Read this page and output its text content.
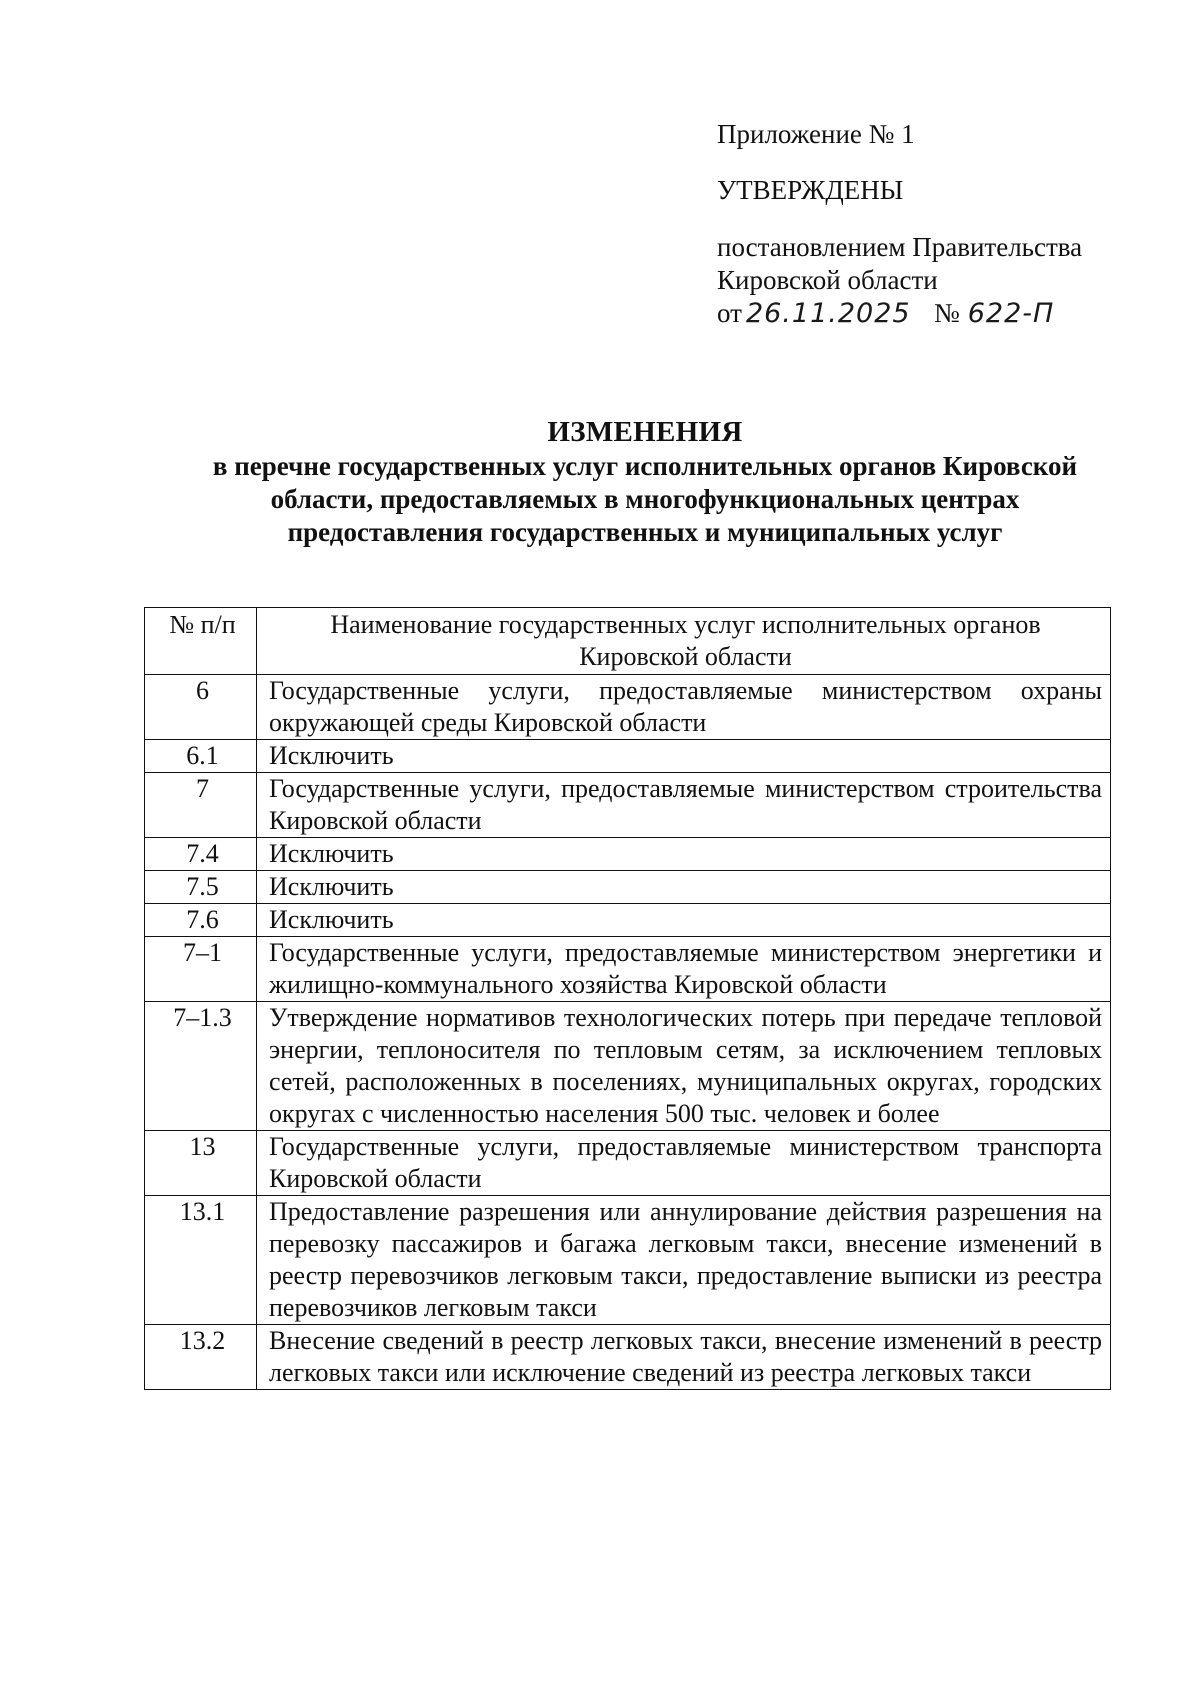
Приложение № 1
УТВЕРЖДЕНЫ
постановлением Правительства
Кировской области
от 26.11.2025 № 622-П
ИЗМЕНЕНИЯ
в перечне государственных услуг исполнительных органов Кировской
области, предоставляемых в многофункциональных центрах
предоставления государственных и муниципальных услуг
№ п/п	Наименование государственных услуг исполнительных органов Кировской области
6	Государственные услуги, предоставляемые министерством охраны окружающей среды Кировской области
6.1	Исключить
7	Государственные услуги, предоставляемые министерством строительства Кировской области
7.4	Исключить
7.5	Исключить
7.6	Исключить
7–1	Государственные услуги, предоставляемые министерством энергетики и жилищно-коммунального хозяйства Кировской области
7–1.3	Утверждение нормативов технологических потерь при передаче тепловой энергии, теплоносителя по тепловым сетям, за исключением тепловых сетей, расположенных в поселениях, муниципальных округах, городских округах с численностью населения 500 тыс. человек и более
13	Государственные услуги, предоставляемые министерством транспорта Кировской области
13.1	Предоставление разрешения или аннулирование действия разрешения на перевозку пассажиров и багажа легковым такси, внесение изменений в реестр перевозчиков легковым такси, предоставление выписки из реестра перевозчиков легковым такси
13.2	Внесение сведений в реестр легковых такси, внесение изменений в реестр легковых такси или исключение сведений из реестра легковых такси
